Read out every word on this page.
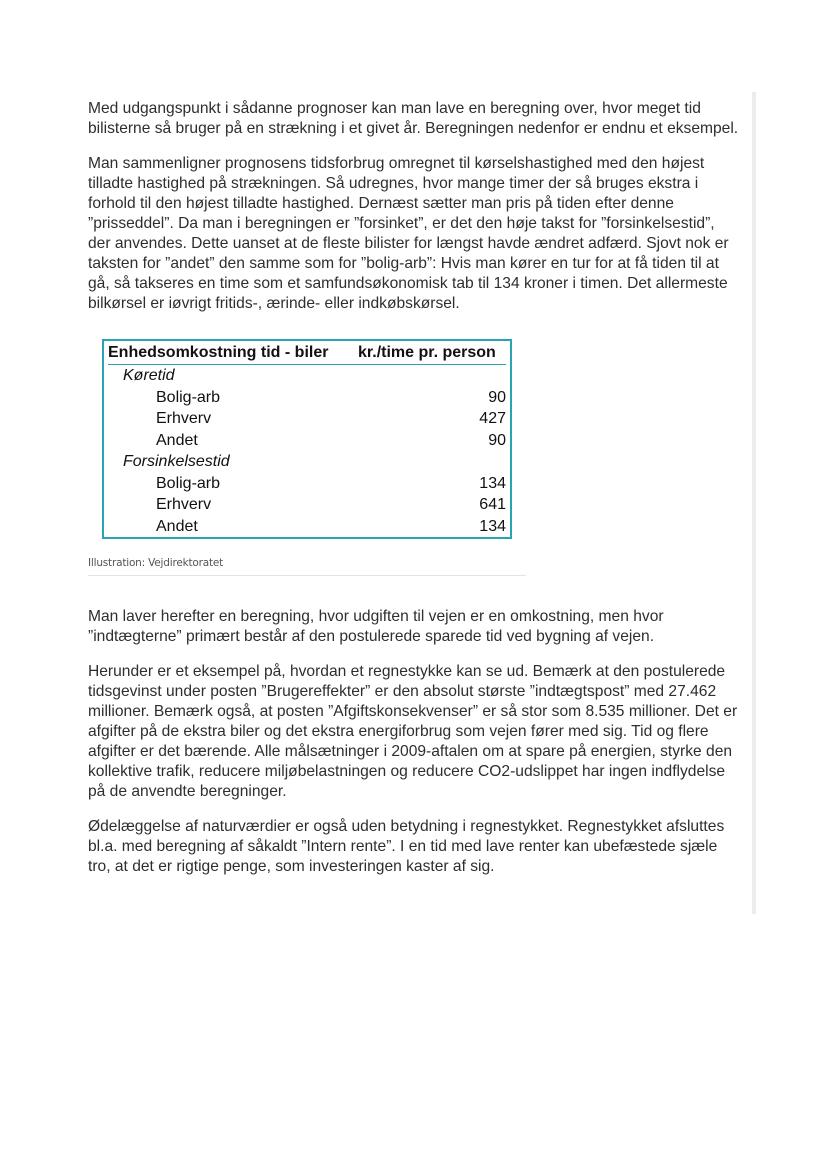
Med udgangspunkt i sådanne prognoser kan man lave en beregning over, hvor meget tid bilisterne så bruger på en strækning i et givet år. Beregningen nedenfor er endnu et eksempel.

Man sammenligner prognosens tidsforbrug omregnet til kørselshastighed med den højest tilladte hastighed på strækningen. Så udregnes, hvor mange timer der så bruges ekstra i forhold til den højest tilladte hastighed. Dernæst sætter man pris på tiden efter denne ”prisseddel”. Da man i beregningen er ”forsinket”, er det den høje takst for ”forsinkelsestid”, der anvendes. Dette uanset at de fleste bilister for længst havde ændret adfærd. Sjovt nok er taksten for ”andet” den samme som for ”bolig-arb”: Hvis man kører en tur for at få tiden til at gå, så takseres en time som et samfundsøkonomisk tab til 134 kroner i timen. Det allermeste bilkørsel er iøvrigt fritids-, ærinde- eller indkøbskørsel.

Enhedsomkostning tid - biler	kr./time pr. person
Køretid
Bolig-arb	90
Erhverv	427
Andet	90
Forsinkelsestid
Bolig-arb	134
Erhverv	641
Andet	134
Illustration: Vejdirektoratet

Man laver herefter en beregning, hvor udgiften til vejen er en omkostning, men hvor ”indtægterne” primært består af den postulerede sparede tid ved bygning af vejen.

Herunder er et eksempel på, hvordan et regnestykke kan se ud. Bemærk at den postulerede tidsgevinst under posten ”Brugereffekter” er den absolut største ”indtægtspost” med 27.462 millioner. Bemærk også, at posten ”Afgiftskonsekvenser” er så stor som 8.535 millioner. Det er afgifter på de ekstra biler og det ekstra energiforbrug som vejen fører med sig. Tid og flere afgifter er det bærende. Alle målsætninger i 2009-aftalen om at spare på energien, styrke den kollektive trafik, reducere miljøbelastningen og reducere CO2-udslippet har ingen indflydelse på de anvendte beregninger.

Ødelæggelse af naturværdier er også uden betydning i regnestykket. Regnestykket afsluttes bl.a. med beregning af såkaldt ”Intern rente”. I en tid med lave renter kan ubefæstede sjæle tro, at det er rigtige penge, som investeringen kaster af sig.
